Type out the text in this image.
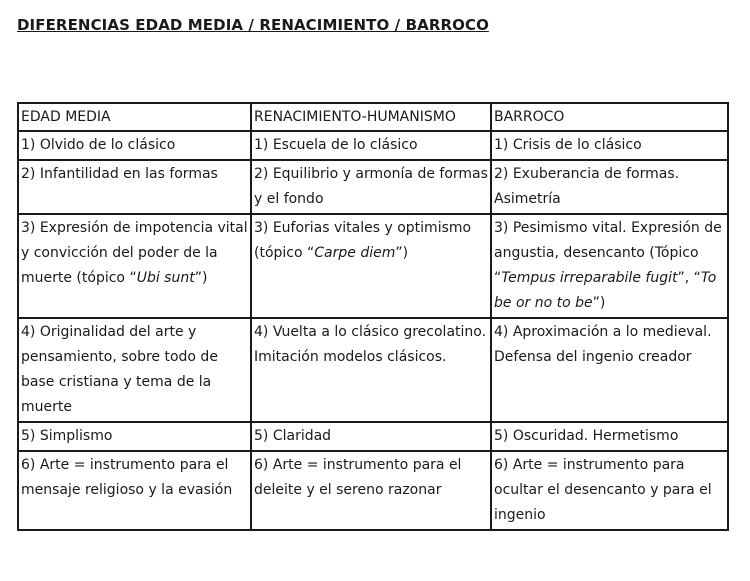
DIFERENCIAS EDAD MEDIA / RENACIMIENTO / BARROCO
EDAD MEDIA	RENACIMIENTO-HUMANISMO	BARROCO
1) Olvido de lo clásico	1) Escuela de lo clásico	1) Crisis de lo clásico
2) Infantilidad en las formas	2) Equilibrio y armonía de formas y el fondo	2) Exuberancia de formas. Asimetría
3) Expresión de impotencia vital y convicción del poder de la muerte (tópico “Ubi sunt”)	3) Euforias vitales y optimismo (tópico “Carpe diem”)	3) Pesimismo vital. Expresión de angustia, desencanto (Tópico “Tempus irreparabile fugit”, “To be or no to be”)
4) Originalidad del arte y pensamiento, sobre todo de base cristiana y tema de la muerte	4) Vuelta a lo clásico grecolatino. Imitación modelos clásicos.	4) Aproximación a lo medieval. Defensa del ingenio creador
5) Simplismo	5) Claridad	5) Oscuridad. Hermetismo
6) Arte = instrumento para el mensaje religioso y la evasión	6) Arte = instrumento para el deleite y el sereno razonar	6) Arte = instrumento para ocultar el desencanto y para el ingenio
